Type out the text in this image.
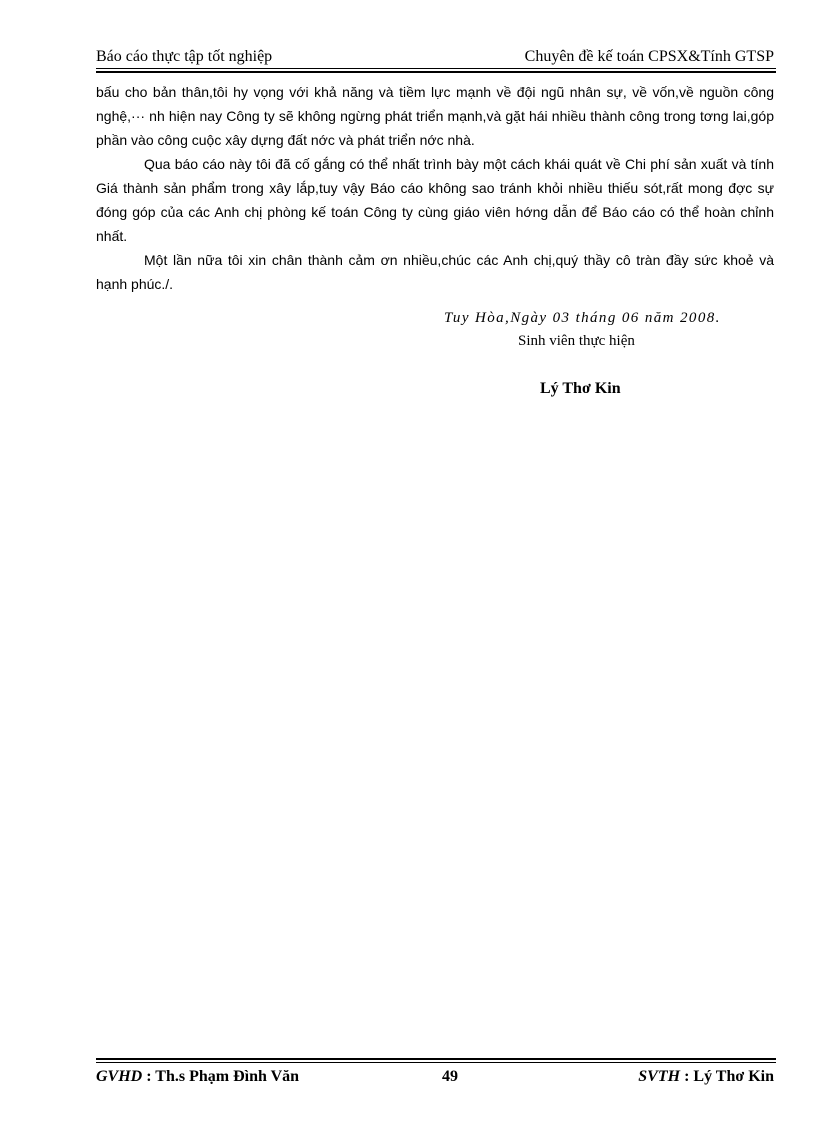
Báo cáo thực tập tốt nghiệp	Chuyên đề kế toán CPSX&Tính GTSP

bấu cho bản thân,tôi hy vọng với khả năng và tiềm lực mạnh về đội ngũ nhân sự, về vốn,về nguồn công nghệ,··· nh hiện nay Công ty sẽ không ngừng phát triển mạnh,và gặt hái nhiều thành công trong tơng lai,góp phần vào công cuộc xây dựng đất nớc và phát triển nớc nhà.

Qua báo cáo này tôi đã cố gắng có thể nhất trình bày một cách khái quát về Chi phí sản xuất và tính Giá thành sản phẩm trong xây lắp,tuy vậy Báo cáo không sao tránh khỏi nhiều thiếu sót,rất mong đợc sự đóng góp của các Anh chị phòng kế toán Công ty cùng giáo viên hớng dẫn để Báo cáo có thể hoàn chỉnh nhất.

Một lần nữa tôi xin chân thành cảm ơn nhiều,chúc các Anh chị,quý thầy cô tràn đầy sức khoẻ và hạnh phúc./.

Tuy Hòa,Ngày 03 tháng 06 năm 2008.
Sinh viên thực hiện
Lý Thơ Kin
GVHD : Th.s Phạm Đình Văn	49	SVTH : Lý Thơ Kin
